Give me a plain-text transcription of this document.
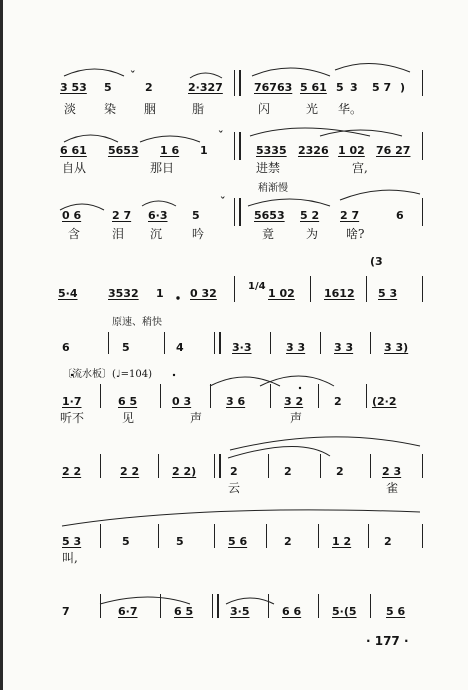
3 53 5
ˇ
2	2·327	76763 5 61 5 3 5 7 )
淡 染 胭	脂	闪	光 华。
6 61 5653 1 6 1
ˇ
5335 2326 1 02 76 27
自从	那日	进禁	宫,
稍渐慢
0 6	2 7 6·3 5
ˇ
5653 5 2 2 7	6
含	泪 沉 吟	竟	为 啥?
5·4	3532 1 0 32
1/4
1 02	1612
(3
5 3
原速、稍快
6	5	4	3·3	3 3	3 3	3 3)
〔流水板〕(♩=104)
1·7	6 5	0 3	3 6	3 2	2	(2·2
听不	见	声	声
2 2	2 2	2 2)	2	2	2	2 3
云	雀
5 3	5	5	5 6	2	1 2	2
叫,
7	6·7	6 5	3·5	6 6	5·(5	5 6
· 177 ·
